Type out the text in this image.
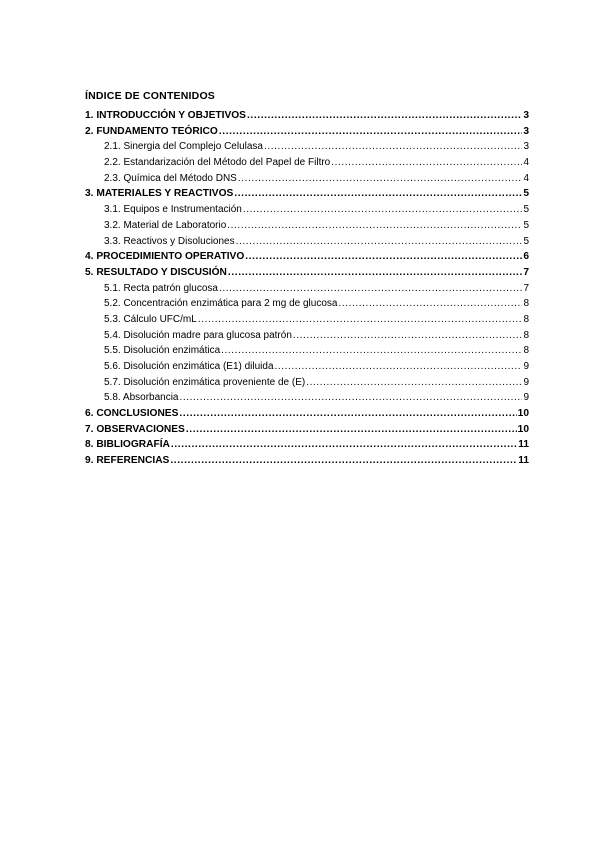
ÍNDICE DE CONTENIDOS
1. INTRODUCCIÓN Y OBJETIVOS .....	3
2. FUNDAMENTO TEÓRICO .....	3
2.1. Sinergia del Complejo Celulasa .....	3
2.2. Estandarización del Método del Papel de Filtro .....	4
2.3. Química del Método DNS .....	4
3. MATERIALES Y REACTIVOS .....	5
3.1. Equipos e Instrumentación .....	5
3.2. Material de Laboratorio .....	5
3.3. Reactivos y Disoluciones .....	5
4. PROCEDIMIENTO OPERATIVO .....	6
5. RESULTADO Y DISCUSIÓN .....	7
5.1. Recta patrón glucosa .....	7
5.2. Concentración enzimática para 2 mg de glucosa .....	8
5.3. Cálculo UFC/mL .....	8
5.4. Disolución madre para glucosa patrón .....	8
5.5. Disolución enzimática .....	8
5.6. Disolución enzimática (E1) diluida .....	9
5.7. Disolución enzimática proveniente de (E) .....	9
5.8. Absorbancia .....	9
6. CONCLUSIONES .....	10
7. OBSERVACIONES .....	10
8. BIBLIOGRAFÍA .....	11
9. REFERENCIAS .....	11
